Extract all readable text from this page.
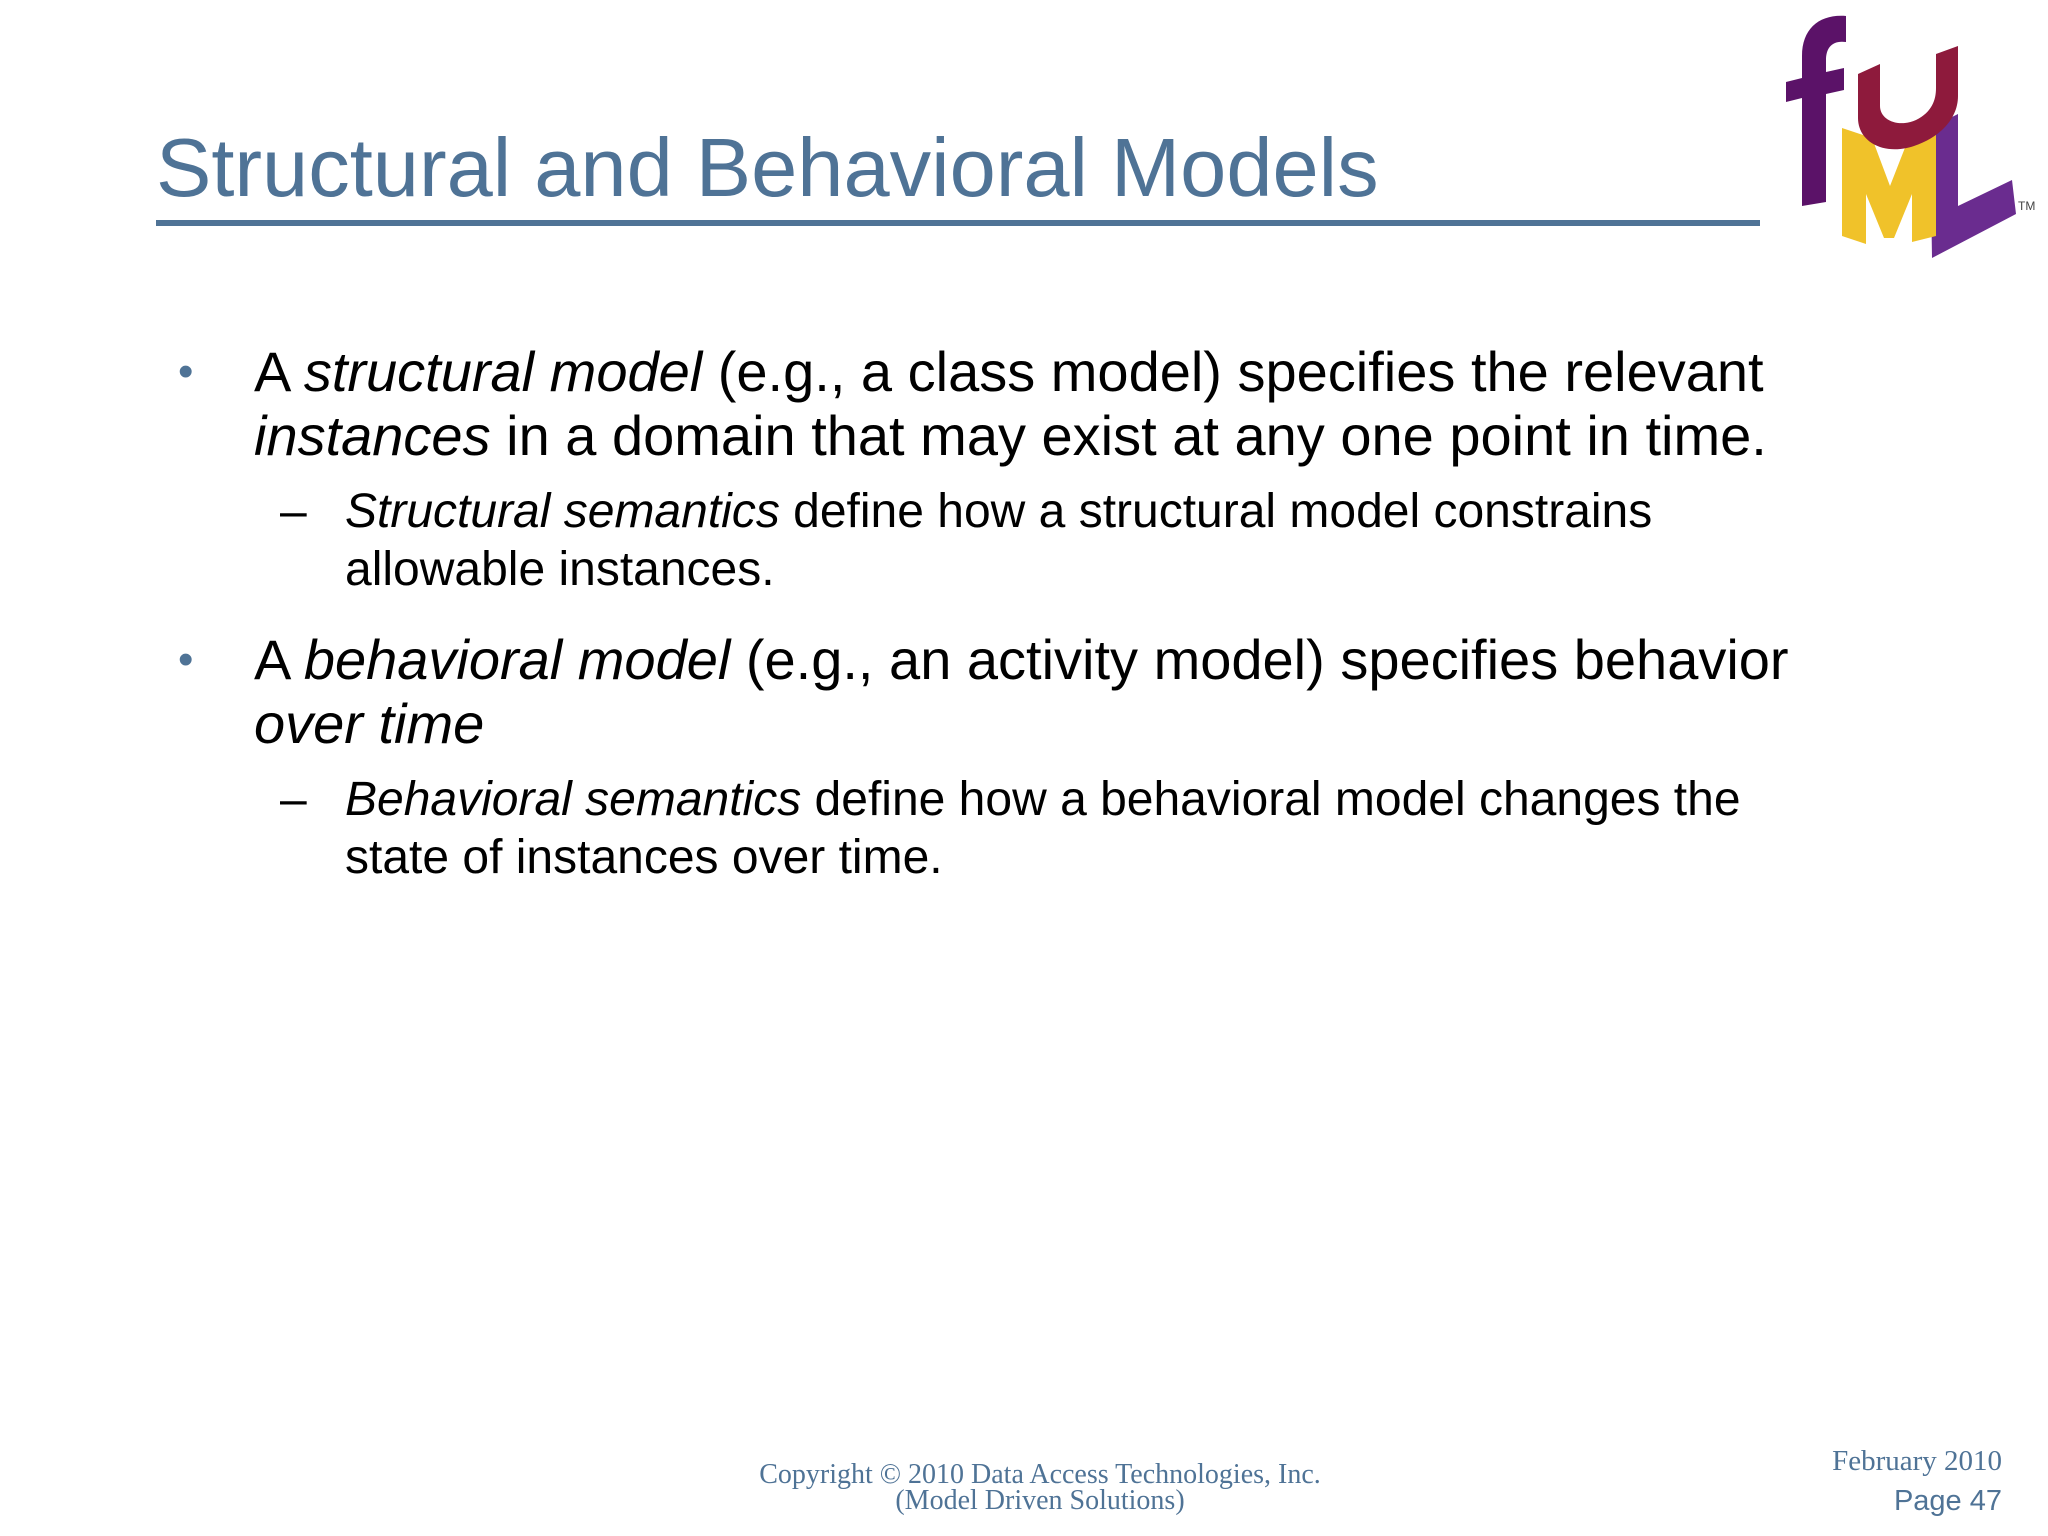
Structural and Behavioral Models	TM
• A structural model (e.g., a class model) specifies the relevant

instances in a domain that may exist at any one point in time.

– Structural semantics define how a structural model constrains

allowable instances.

• A behavioral model (e.g., an activity model) specifies behavior

over time

– Behavioral semantics define how a behavioral model changes the

state of instances over time.

Copyright © 2010 Data Access Technologies, Inc.
(Model Driven Solutions)
February 2010
Page 47
